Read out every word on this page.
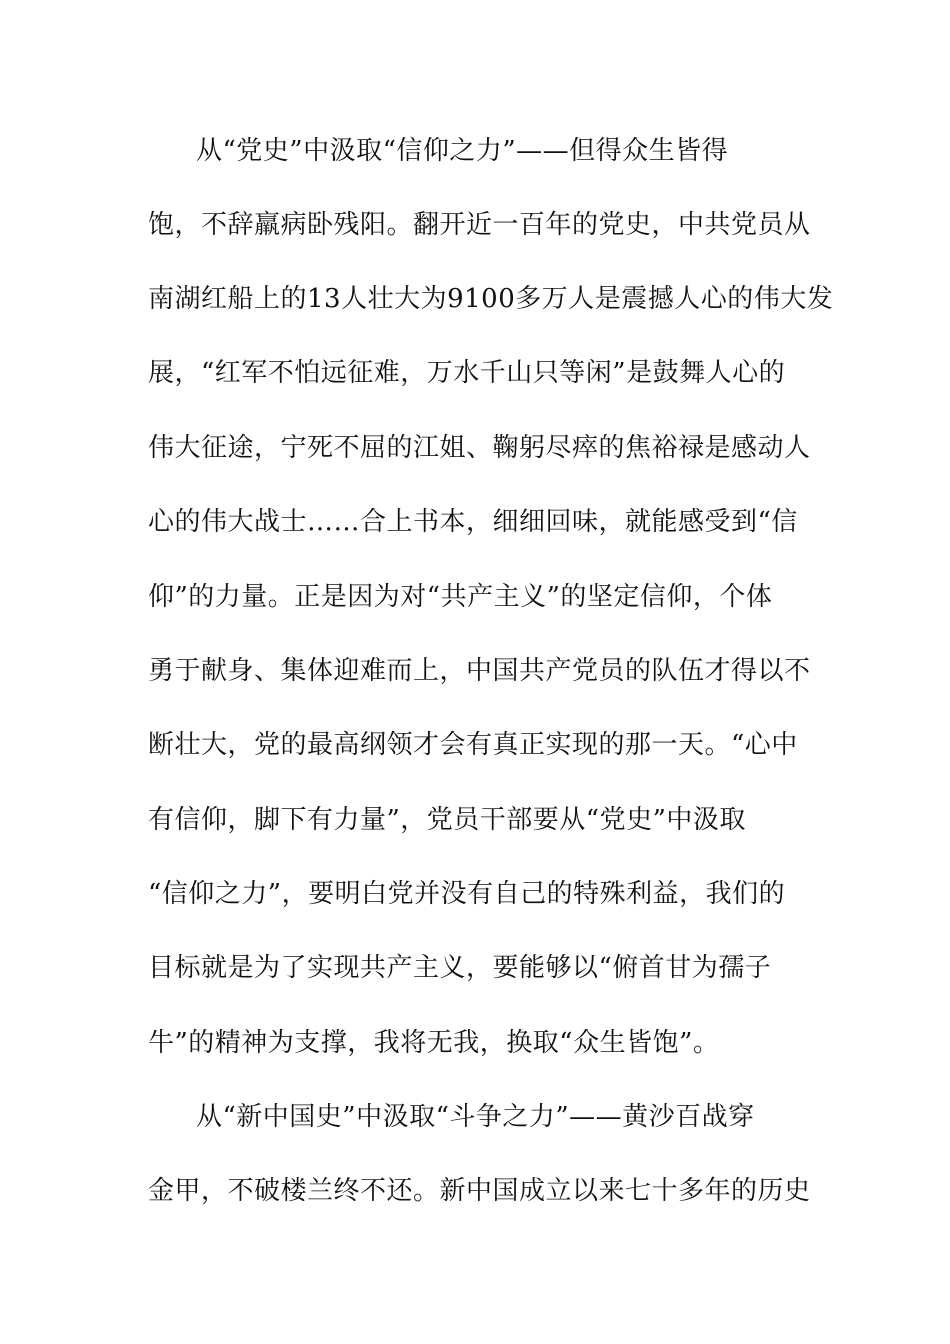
从“党史”中汲取“信仰之力”——但得众生皆得
饱，不辞羸病卧残阳。翻开近一百年的党史，中共党员从
南湖红船上的13人壮大为9100多万人是震撼人心的伟大发
展，“红军不怕远征难，万水千山只等闲”是鼓舞人心的
伟大征途，宁死不屈的江姐、鞠躬尽瘁的焦裕禄是感动人
心的伟大战士……合上书本，细细回味，就能感受到“信
仰”的力量。正是因为对“共产主义”的坚定信仰，个体
勇于献身、集体迎难而上，中国共产党员的队伍才得以不
断壮大，党的最高纲领才会有真正实现的那一天。“心中
有信仰，脚下有力量”，党员干部要从“党史”中汲取
“信仰之力”，要明白党并没有自己的特殊利益，我们的
目标就是为了实现共产主义，要能够以“俯首甘为孺子
牛”的精神为支撑，我将无我，换取“众生皆饱”。
从“新中国史”中汲取“斗争之力”——黄沙百战穿
金甲，不破楼兰终不还。新中国成立以来七十多年的历史
